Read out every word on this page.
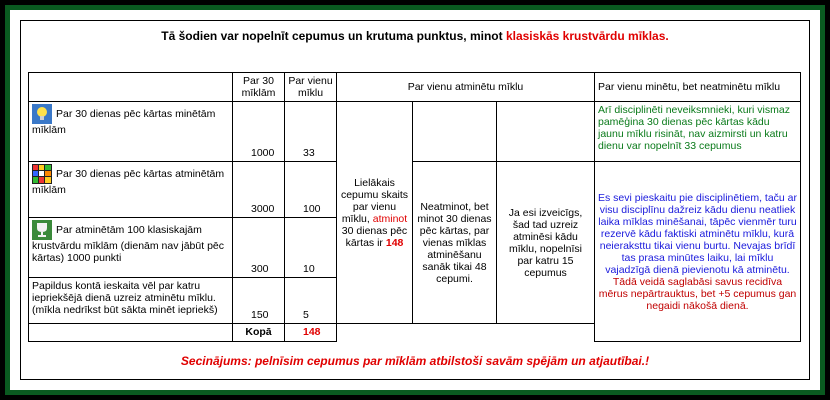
Tā šodien var nopelnīt cepumus un krutuma punktus, minot klasiskās krustvārdu mīklas.
	Par 30 mīklām	Par vienu mīklu	Par vienu atminētu mīklu			Par vienu minētu, bet neatminētu mīklu
Par 30 dienas pēc kārtas minētām mīklām	1000	33	Lielākais cepumu skaits par vienu mīklu, atminot 30 dienas pēc kārtas ir 148			Arī disciplinēti neveiksmnieki, kuri vismaz pamēģina 30 dienas pēc kārtas kādu jaunu mīklu risināt, nav aizmirsti un katru dienu var nopelnīt 33 cepumus
Par 30 dienas pēc kārtas atminētām mīklām	3000	100		Neatminot, bet minot 30 dienas pēc kārtas, par vienas mīklas atminēšanu sanāk tikai 48 cepumi.	Ja esi izveicīgs, šad tad uzreiz atminēsi kādu mīklu, nopelnīsi par katru 15 cepumus	Es sevi pieskaitu pie disciplinētiem, taču ar visu disciplīnu dažreiz kādu dienu neatliek laika mīklas minēšanai, tāpēc vienmēr turu rezervē kādu faktiski atminētu mīklu, kurā neieraksttu tikai vienu burtu. Nevajas brīdī tas prasa minūtes laiku, lai mīklu vajadzīgā dienā pievienotu kā atminētu. Tādā veidā saglabāsi savus recidīva mērus nepārtrauktus, bet +5 cepumus gan negaidi nākošā dienā.
Par atminētām 100 klasiskajām krustvārdu mīklām (dienām nav jābūt pēc kārtas) 1000 punkti	300	10				
Papildus kontā ieskaita vēl par katru iepriekšējā dienā uzreiz atminētu mīklu. (mīkla nedrīkst būt sākta minēt iepriekš)	150	5				
	Kopā	148				
Secinājums: pelnīsim cepumus par mīklām atbilstoši savām spējām un atjautībai.!
